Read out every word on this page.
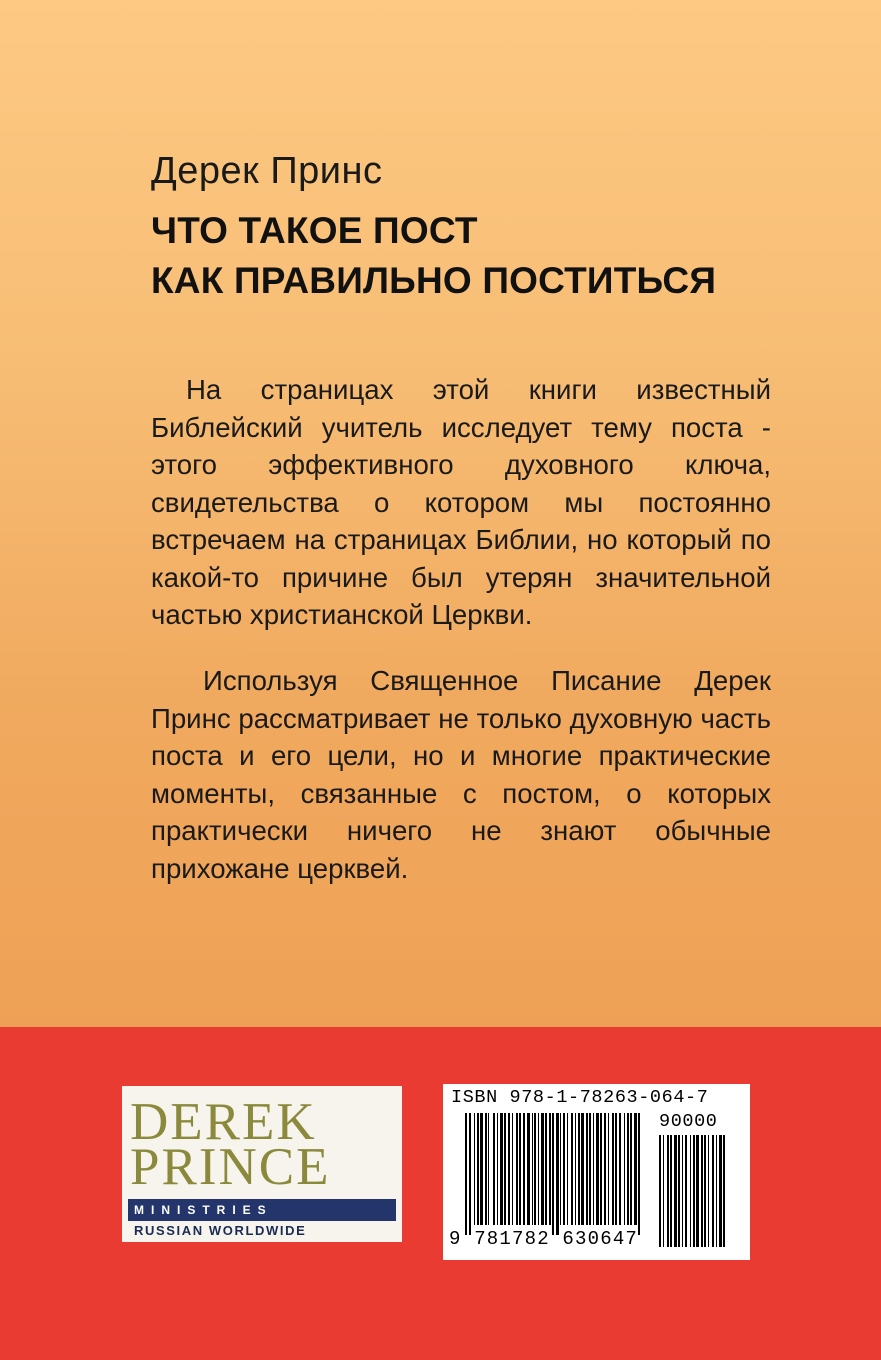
Дерек Принс
ЧТО ТАКОЕ ПОСТ
КАК ПРАВИЛЬНО ПОСТИТЬСЯ

На страницах этой книги известный Библейский учитель исследует тему поста - этого эффективного духовного ключа, свидетельства о котором мы постоянно встречаем на страницах Библии, но который по какой-то причине был утерян значительной частью христианской Церкви.

Используя Священное Писание Дерек Принс рассматривает не только духовную часть поста и его цели, но и многие практические моменты, связанные с постом, о которых практически ничего не знают обычные прихожане церквей.

DEREK
PRINCE
MINISTRIES
RUSSIAN WORLDWIDE
ISBN 978-1-78263-064-7
90000
9 781782 630647
